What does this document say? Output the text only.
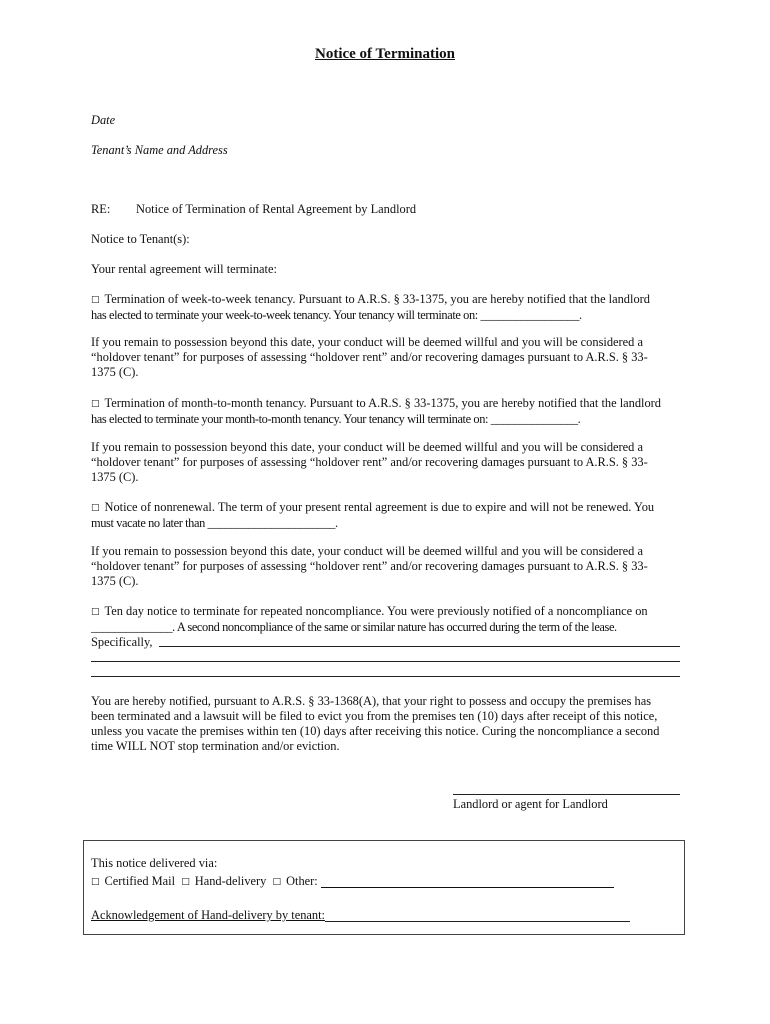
Notice of Termination

Date

Tenant’s Name and Address

RE: Notice of Termination of Rental Agreement by Landlord

Notice to Tenant(s):

Your rental agreement will terminate:

□ Termination of week-to-week tenancy. Pursuant to A.R.S. § 33-1375, you are hereby notified that the landlord
has elected to terminate your week-to-week tenancy. Your tenancy will terminate on: _________________.

If you remain to possession beyond this date, your conduct will be deemed willful and you will be considered a
“holdover tenant” for purposes of assessing “holdover rent” and/or recovering damages pursuant to A.R.S. § 33-
1375 (C).

□ Termination of month-to-month tenancy. Pursuant to A.R.S. § 33-1375, you are hereby notified that the landlord
has elected to terminate your month-to-month tenancy. Your tenancy will terminate on: _______________.

If you remain to possession beyond this date, your conduct will be deemed willful and you will be considered a
“holdover tenant” for purposes of assessing “holdover rent” and/or recovering damages pursuant to A.R.S. § 33-
1375 (C).

□ Notice of nonrenewal. The term of your present rental agreement is due to expire and will not be renewed. You
must vacate no later than ______________________.

If you remain to possession beyond this date, your conduct will be deemed willful and you will be considered a
“holdover tenant” for purposes of assessing “holdover rent” and/or recovering damages pursuant to A.R.S. § 33-
1375 (C).

□ Ten day notice to terminate for repeated noncompliance. You were previously notified of a noncompliance on
______________. A second noncompliance of the same or similar nature has occurred during the term of the lease.
Specifically,

You are hereby notified, pursuant to A.R.S. § 33-1368(A), that your right to possess and occupy the premises has
been terminated and a lawsuit will be filed to evict you from the premises ten (10) days after receipt of this notice,
unless you vacate the premises within ten (10) days after receiving this notice. Curing the noncompliance a second
time WILL NOT stop termination and/or eviction.

Landlord or agent for Landlord
This notice delivered via:
□ Certified Mail □ Hand-delivery □ Other:
Acknowledgement of Hand-delivery by tenant:
